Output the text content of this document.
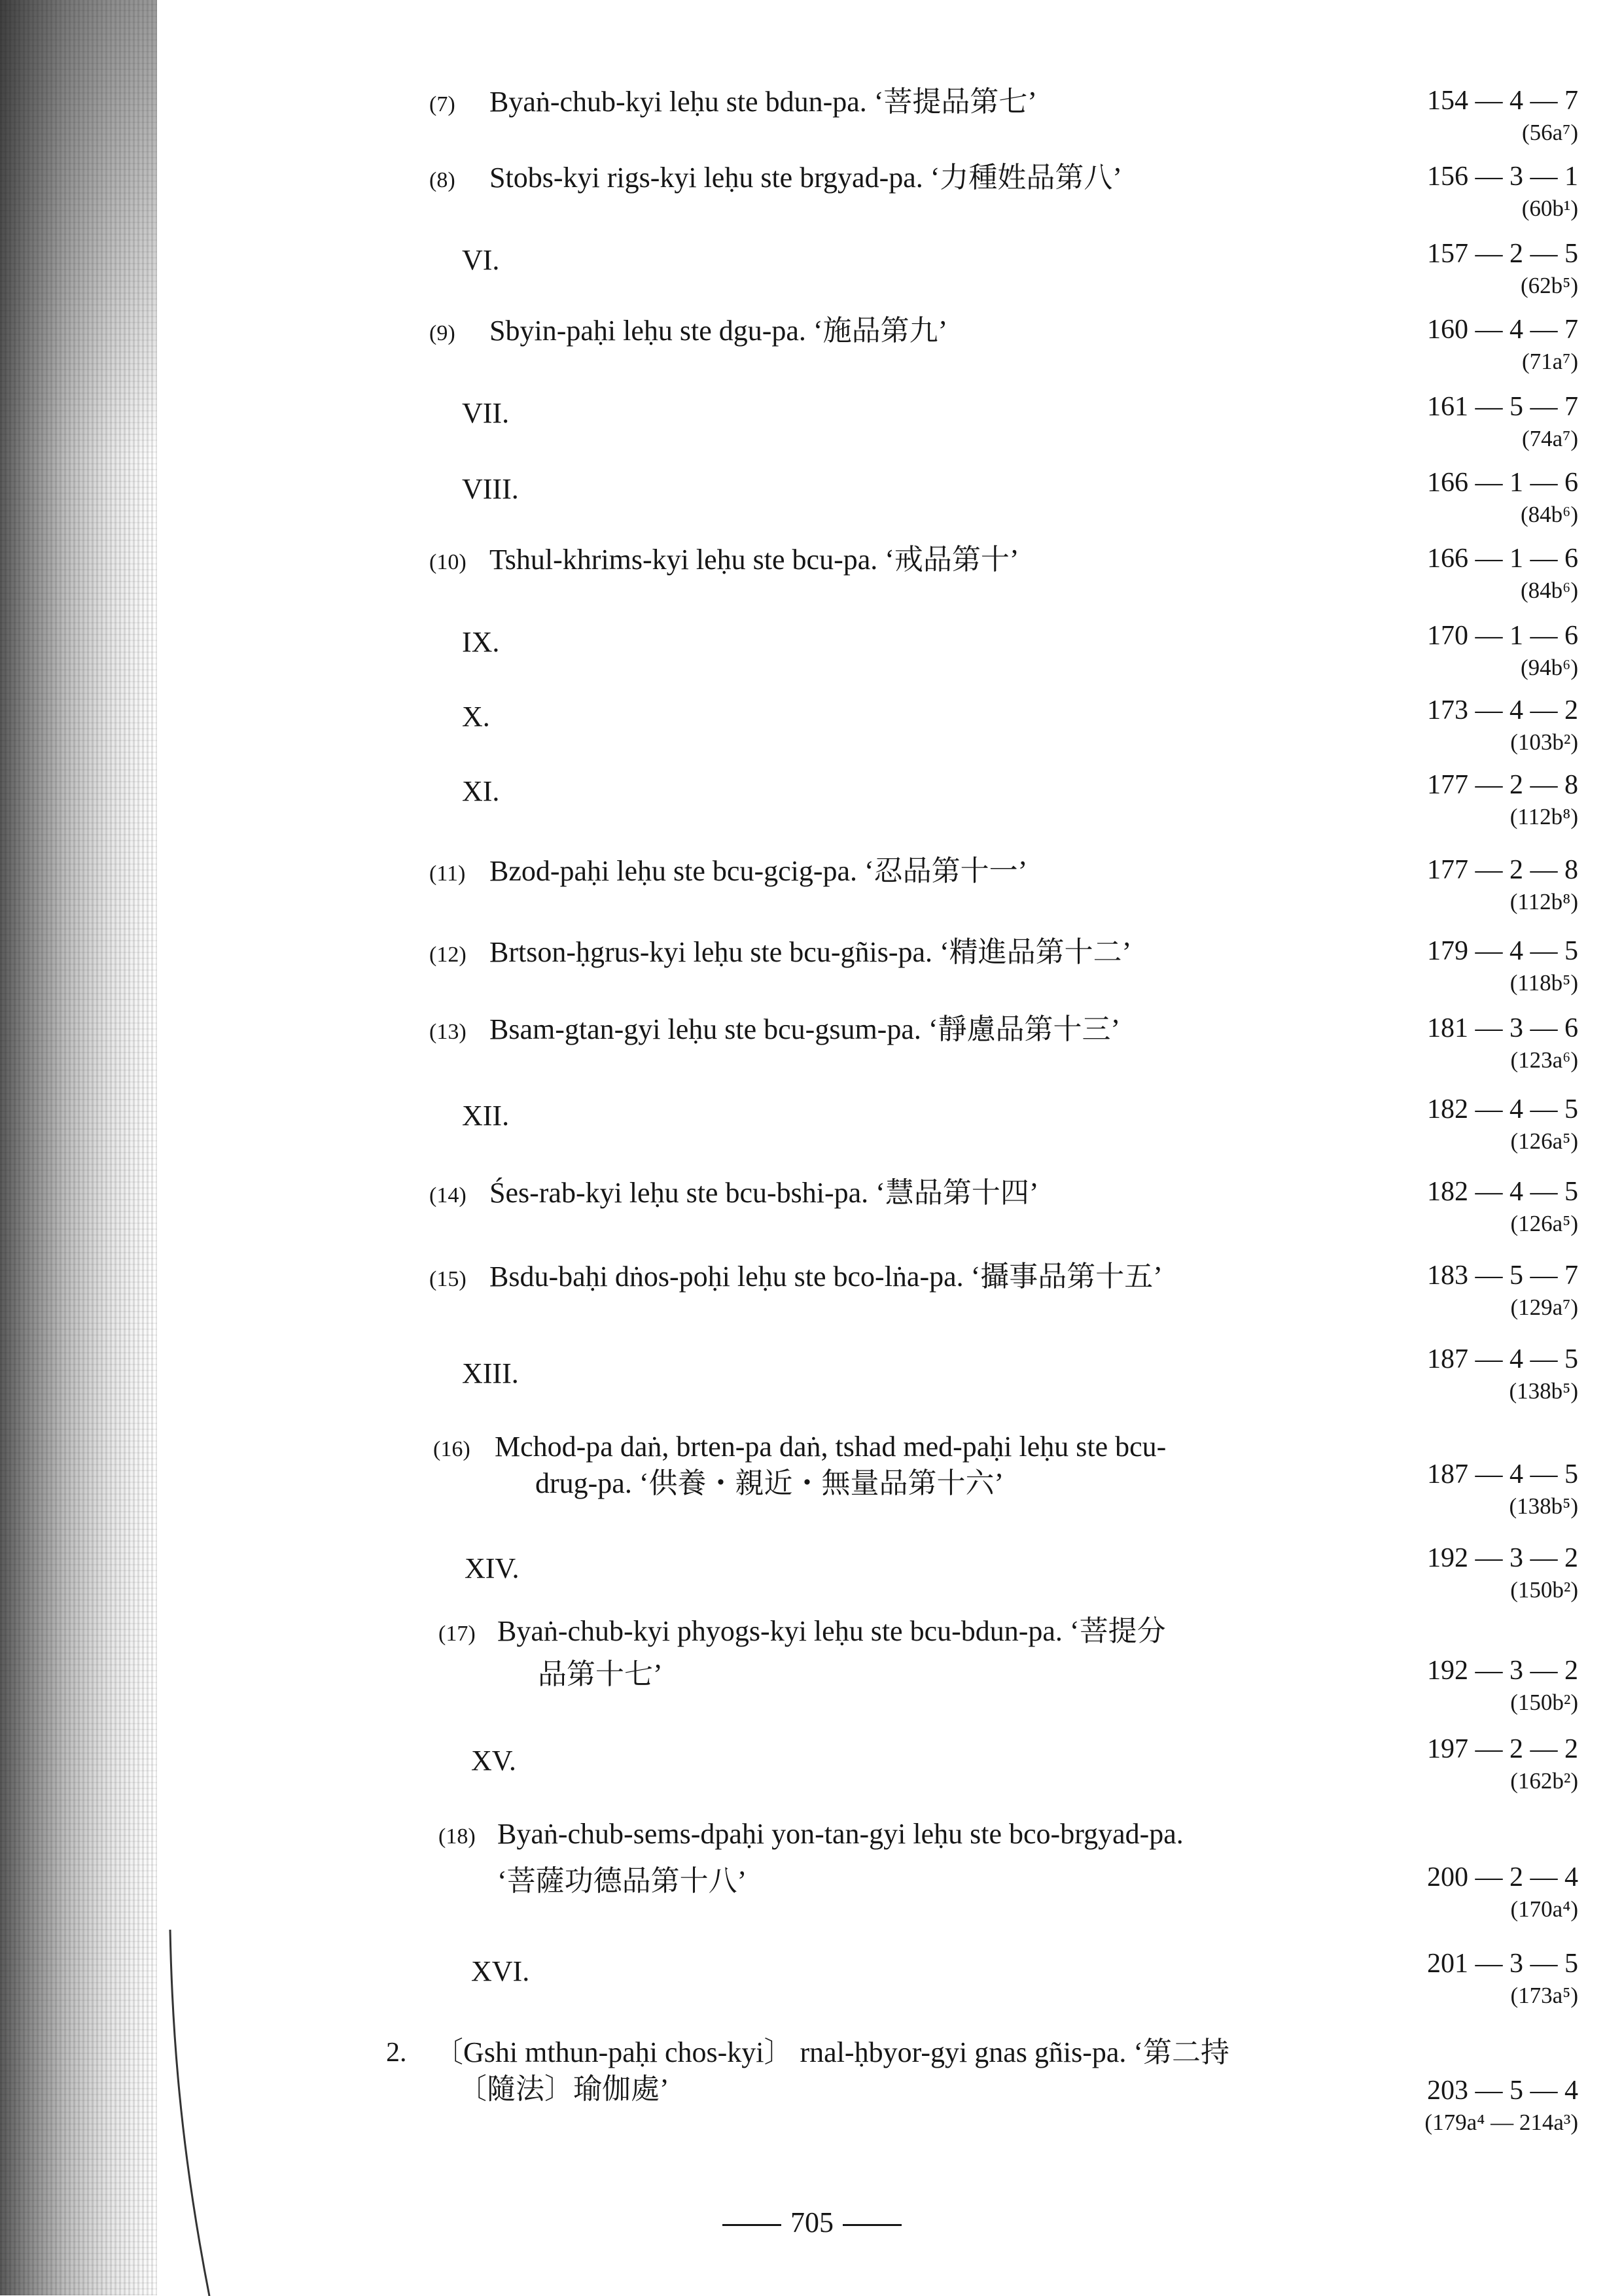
(7) Byaṅ-chub-kyi leḥu ste bdun-pa. ‘菩提品第七’	154 — 4 — 7
(56a⁷)
(8) Stobs-kyi rigs-kyi leḥu ste brgyad-pa. ‘力種姓品第八’	156 — 3 — 1
(60b¹)
VI.	157 — 2 — 5
(62b⁵)
(9) Sbyin-paḥi leḥu ste dgu-pa. ‘施品第九’	160 — 4 — 7
(71a⁷)
VII.	161 — 5 — 7
(74a⁷)
VIII.	166 — 1 — 6
(84b⁶)
(10) Tshul-khrims-kyi leḥu ste bcu-pa. ‘戒品第十’	166 — 1 — 6
(84b⁶)
IX.	170 — 1 — 6
(94b⁶)
X.	173 — 4 — 2
(103b²)
XI.	177 — 2 — 8
(112b⁸)
(11) Bzod-paḥi leḥu ste bcu-gcig-pa. ‘忍品第十一’	177 — 2 — 8
(112b⁸)
(12) Brtson-ḥgrus-kyi leḥu ste bcu-gñis-pa. ‘精進品第十二’	179 — 4 — 5
(118b⁵)
(13) Bsam-gtan-gyi leḥu ste bcu-gsum-pa. ‘靜慮品第十三’	181 — 3 — 6
(123a⁶)
XII.	182 — 4 — 5
(126a⁵)
(14) Śes-rab-kyi leḥu ste bcu-bshi-pa. ‘慧品第十四’	182 — 4 — 5
(126a⁵)
(15) Bsdu-baḥi dṅos-poḥi leḥu ste bco-lṅa-pa. ‘攝事品第十五’	183 — 5 — 7
(129a⁷)
XIII.	187 — 4 — 5
(138b⁵)
(16) Mchod-pa daṅ, brten-pa daṅ, tshad med-paḥi leḥu ste bcu-
drug-pa. ‘供養・親近・無量品第十六’	187 — 4 — 5
(138b⁵)
XIV.	192 — 3 — 2
(150b²)
(17) Byaṅ-chub-kyi phyogs-kyi leḥu ste bcu-bdun-pa. ‘菩提分
品第十七’	192 — 3 — 2
(150b²)
XV.	197 — 2 — 2
(162b²)
(18) Byaṅ-chub-sems-dpaḥi yon-tan-gyi leḥu ste bco-brgyad-pa.
‘菩薩功德品第十八’	200 — 2 — 4
(170a⁴)
XVI.	201 — 3 — 5
(173a⁵)
2. 〔Gshi mthun-paḥi chos-kyi〕 rnal-ḥbyor-gyi gnas gñis-pa. ‘第二持
〔隨法〕瑜伽處’	203 — 5 — 4
(179a⁴ — 214a³)
705
